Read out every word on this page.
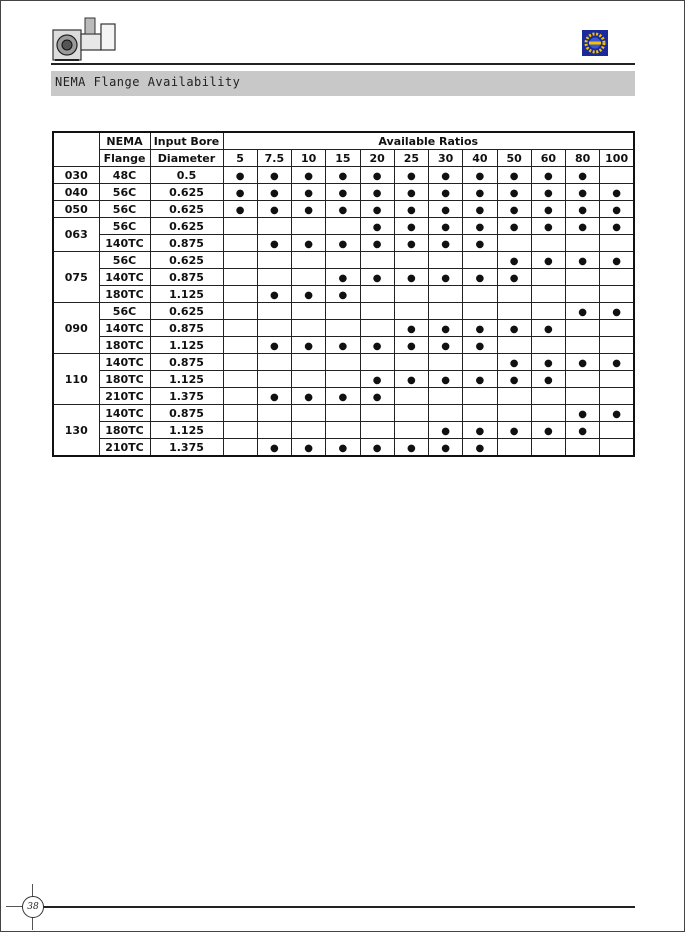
NEMA Flange Availability
	NEMA	Input Bore	Available Ratios											
	Flange	Diameter	5	7.5	10	15	20	25	30	40	50	60	80	100
030	48C	0.5	●	●	●	●	●	●	●	●	●	●	●	
040	56C	0.625	●	●	●	●	●	●	●	●	●	●	●	●
050	56C	0.625	●	●	●	●	●	●	●	●	●	●	●	●
063	56C	0.625					●	●	●	●	●	●	●	●
	140TC	0.875		●	●	●	●	●	●	●				
075	56C	0.625									●	●	●	●
	140TC	0.875				●	●	●	●	●	●			
	180TC	1.125		●	●	●								
090	56C	0.625											●	●
	140TC	0.875						●	●	●	●	●		
	180TC	1.125		●	●	●	●	●	●	●				
110	140TC	0.875									●	●	●	●
	180TC	1.125					●	●	●	●	●	●		
	210TC	1.375		●	●	●	●							
130	140TC	0.875											●	●
	180TC	1.125							●	●	●	●	●	
	210TC	1.375		●	●	●	●	●	●	●				
38
